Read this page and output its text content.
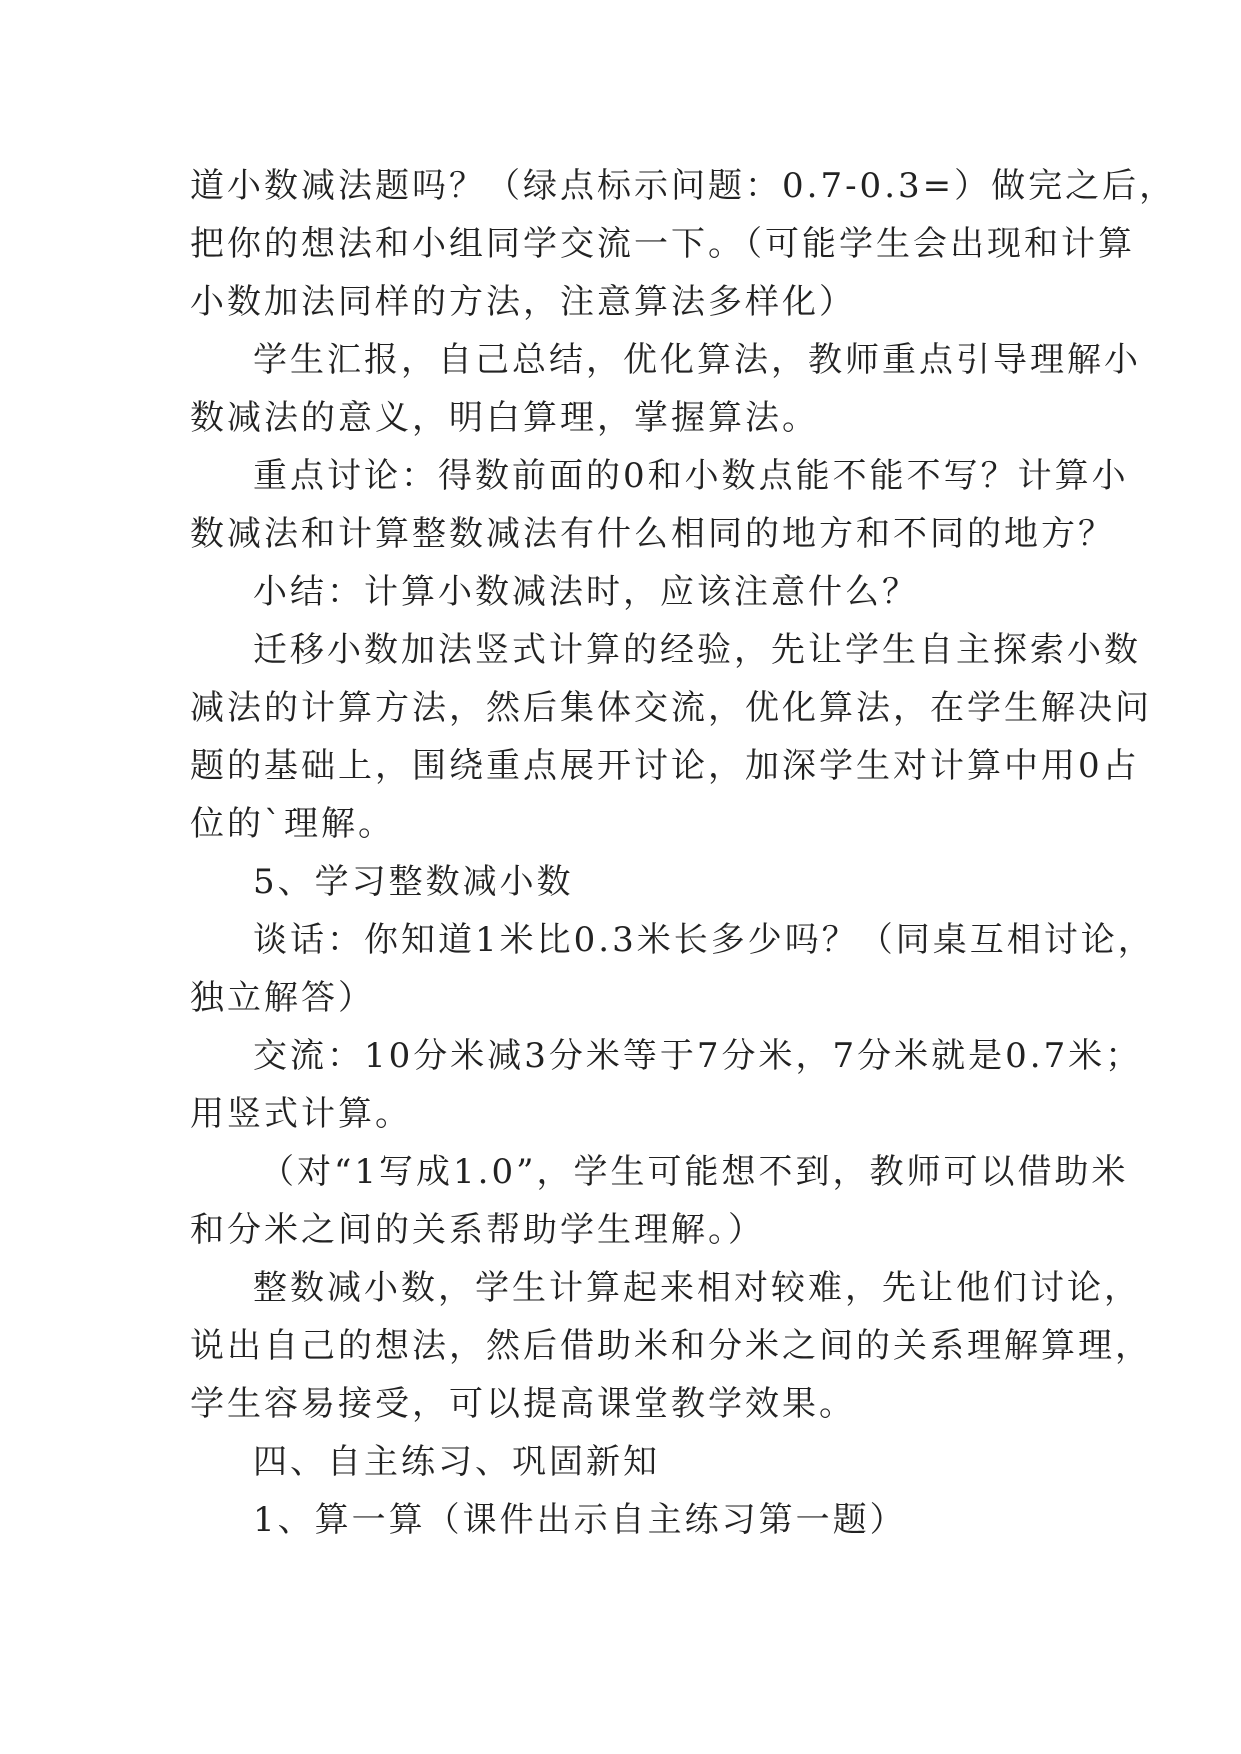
道小数减法题吗？（绿点标示问题：0.7-0.3=）做完之后，
把你的想法和小组同学交流一下。（可能学生会出现和计算
小数加法同样的方法，注意算法多样化）
学生汇报，自己总结，优化算法，教师重点引导理解小
数减法的意义，明白算理，掌握算法。
重点讨论：得数前面的0和小数点能不能不写？计算小
数减法和计算整数减法有什么相同的地方和不同的地方？
小结：计算小数减法时，应该注意什么？
迁移小数加法竖式计算的经验，先让学生自主探索小数
减法的计算方法，然后集体交流，优化算法，在学生解决问
题的基础上，围绕重点展开讨论，加深学生对计算中用0占
位的`理解。
5、学习整数减小数
谈话：你知道1米比0.3米长多少吗？（同桌互相讨论，
独立解答）
交流：10分米减3分米等于7分米，7分米就是0.7米；
用竖式计算。
（对“1写成1.0”，学生可能想不到，教师可以借助米
和分米之间的关系帮助学生理解。）
整数减小数，学生计算起来相对较难，先让他们讨论，
说出自己的想法，然后借助米和分米之间的关系理解算理，
学生容易接受，可以提高课堂教学效果。
四、自主练习、巩固新知
1、算一算（课件出示自主练习第一题）
